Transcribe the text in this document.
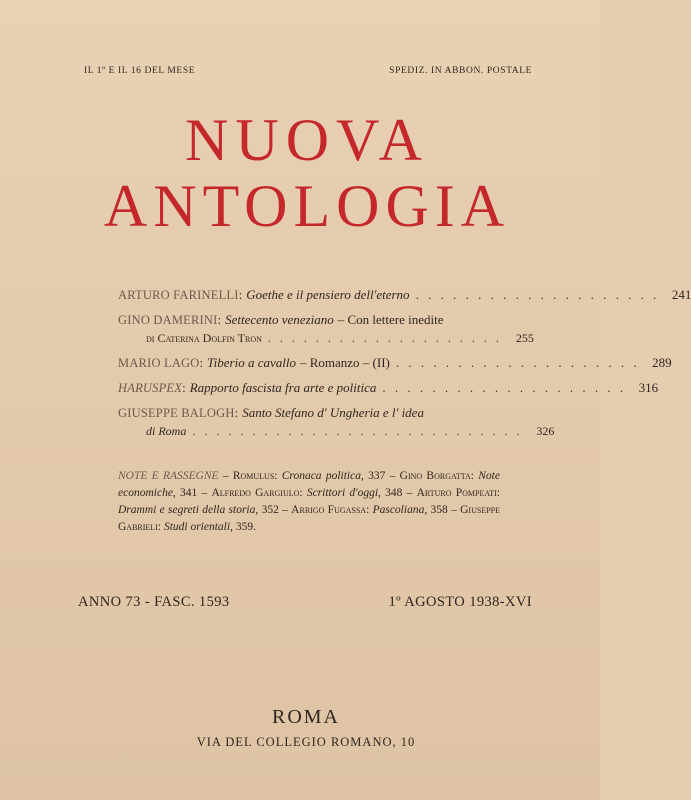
IL 1º E IL 16 DEL MESE	SPEDIZ. IN ABBON. POSTALE
NUOVA
ANTOLOGIA
ARTURO FARINELLI : Goethe e il pensiero dell'eterno . . . . . . . . . . . . . . . . . . . . 241
GINO DAMERINI : Settecento veneziano – Con lettere inedite
di Caterina Dolfin Tron . . . . . . . . . . . . . . . . . . . .	255
MARIO LAGO : Tiberio a cavallo – Romanzo – (II) . . . . . . . . . . . . . . . . . . . . 289
HARUSPEX : Rapporto fascista fra arte e politica . . . . . . . . . . . . . . . . . . . . 316
GIUSEPPE BALOGH : Santo Stefano d' Ungheria e l' idea
di Roma . . . . . . . . . . . . . . . . . . . . . . . . . . . .	326
NOTE E RASSEGNE – Romulus: Cronaca politica, 337 – Gino Borgatta: Note economiche, 341 – Alfredo Gargiulo: Scrittori d'oggi, 348 – Arturo Pompeati: Drammi e segreti della storia, 352 – Arrigo Fugassa: Pascoliana, 358 – Giuseppe Gabrieli: Studi orientali, 359.
ANNO 73 - FASC. 1593	1º AGOSTO 1938-XVI
ROMA
VIA DEL COLLEGIO ROMANO, 10
